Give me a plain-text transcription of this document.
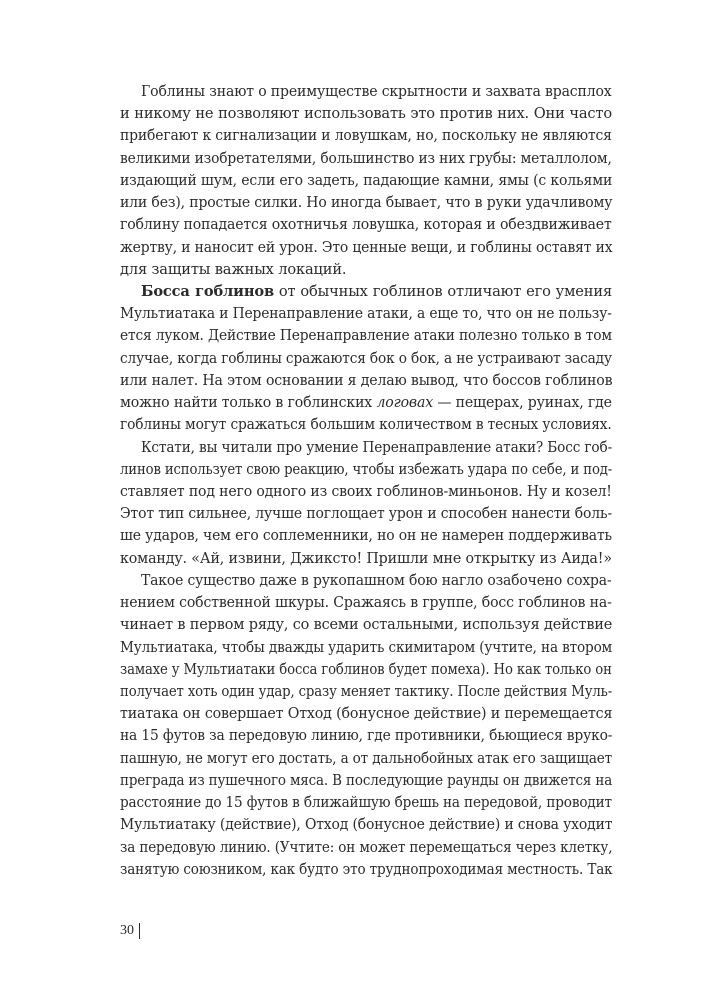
Гоблины знают о преимуществе скрытности и захвата врасплох
и никому не позволяют использовать это против них. Они часто
прибегают к сигнализации и ловушкам, но, поскольку не являются
великими изобретателями, большинство из них грубы: металлолом,
издающий шум, если его задеть, падающие камни, ямы (с кольями
или без), простые силки. Но иногда бывает, что в руки удачливому
гоблину попадается охотничья ловушка, которая и обездвиживает
жертву, и наносит ей урон. Это ценные вещи, и гоблины оставят их
для защиты важных локаций.
Босса гоблинов от обычных гоблинов отличают его умения
Мультиатака и Перенаправление атаки, а еще то, что он не пользу-
ется луком. Действие Перенаправление атаки полезно только в том
случае, когда гоблины сражаются бок о бок, а не устраивают засаду
или налет. На этом основании я делаю вывод, что боссов гоблинов
можно найти только в гоблинских логовах — пещерах, руинах, где
гоблины могут сражаться большим количеством в тесных условиях.
Кстати, вы читали про умение Перенаправление атаки? Босс гоб-
линов использует свою реакцию, чтобы избежать удара по себе, и под-
ставляет под него одного из своих гоблинов-миньонов. Ну и козел!
Этот тип сильнее, лучше поглощает урон и способен нанести боль-
ше ударов, чем его соплеменники, но он не намерен поддерживать
команду. «Ай, извини, Джиксто! Пришли мне открытку из Аида!»
Такое существо даже в рукопашном бою нагло озабочено сохра-
нением собственной шкуры. Сражаясь в группе, босс гоблинов на-
чинает в первом ряду, со всеми остальными, используя действие
Мультиатака, чтобы дважды ударить скимитаром (учтите, на втором
замахе у Мультиатаки босса гоблинов будет помеха). Но как только он
получает хоть один удар, сразу меняет тактику. После действия Муль-
тиатака он совершает Отход (бонусное действие) и перемещается
на 15 футов за передовую линию, где противники, бьющиеся вруко-
пашную, не могут его достать, а от дальнобойных атак его защищает
преграда из пушечного мяса. В последующие раунды он движется на
расстояние до 15 футов в ближайшую брешь на передовой, проводит
Мультиатаку (действие), Отход (бонусное действие) и снова уходит
за передовую линию. (Учтите: он может перемещаться через клетку,
занятую союзником, как будто это труднопроходимая местность. Так
30
